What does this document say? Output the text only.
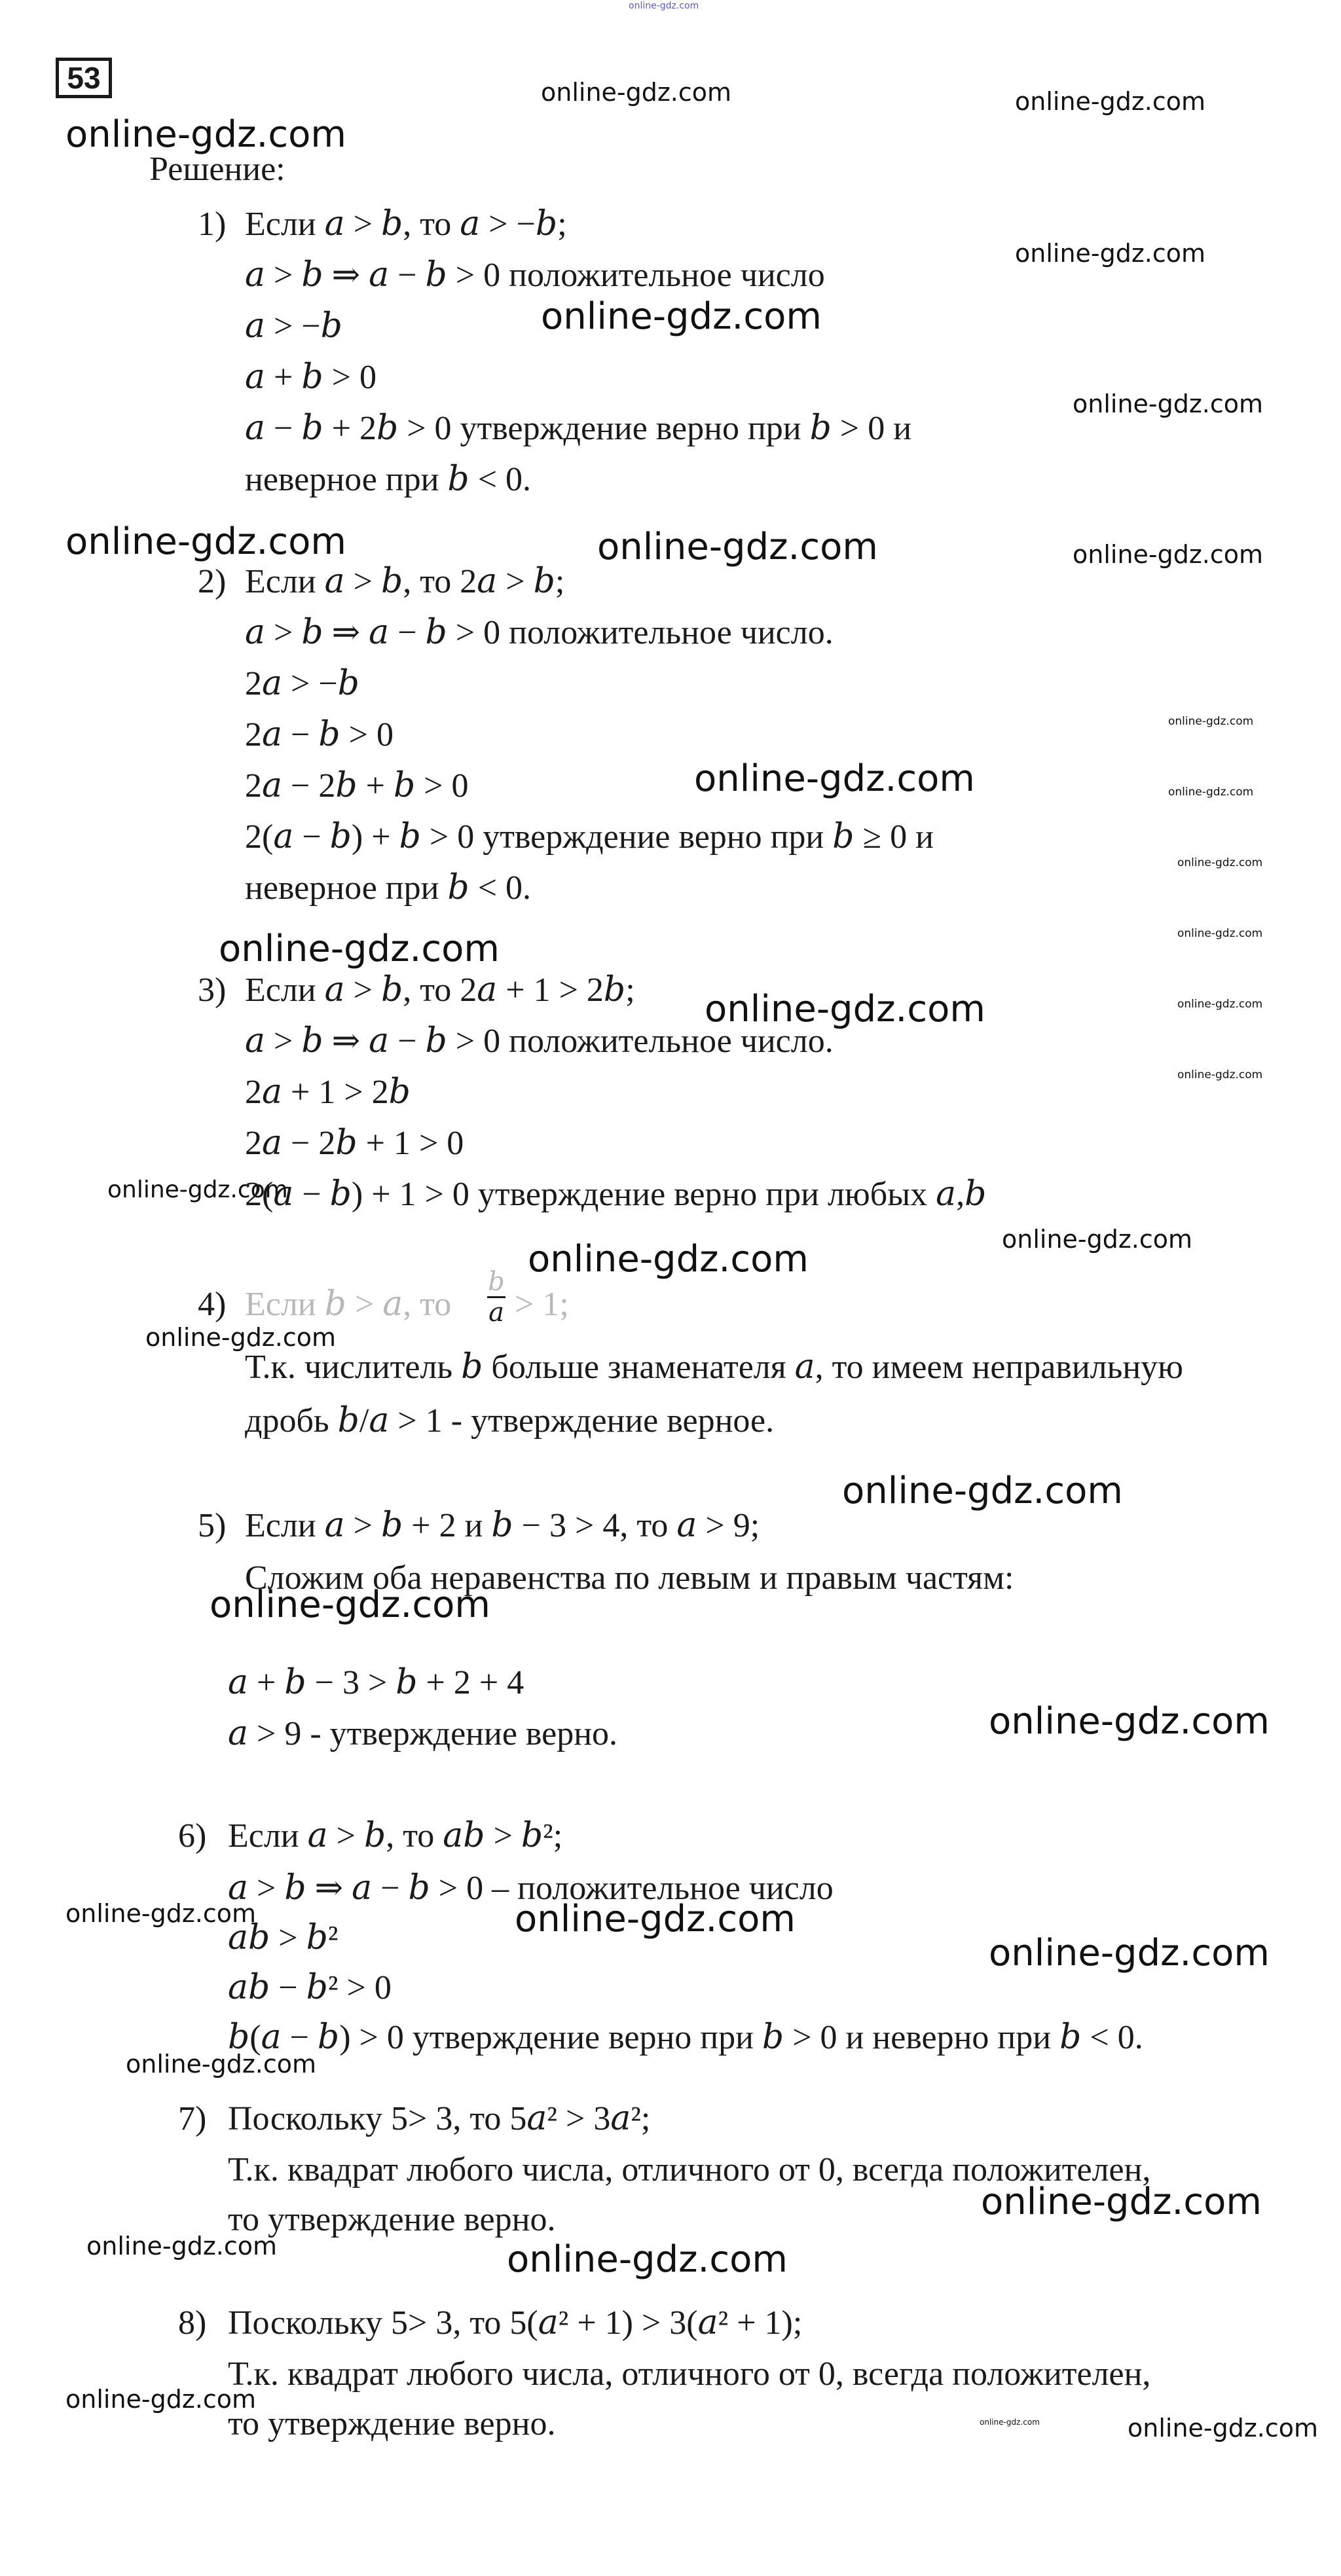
online-gdz.com
online-gdz.com	online-gdz.com
online-gdz.com
online-gdz.com
online-gdz.com
online-gdz.com
online-gdz.com	online-gdz.com	online-gdz.com
online-gdz.com
online-gdz.com	online-gdz.com
online-gdz.com
online-gdz.com
online-gdz.com
online-gdz.com	online-gdz.com
online-gdz.com
online-gdz.com
online-gdz.com
online-gdz.com
online-gdz.com
online-gdz.com
online-gdz.com
online-gdz.com
online-gdz.com	online-gdz.com
online-gdz.com
online-gdz.com
online-gdz.com
online-gdz.com	online-gdz.com
online-gdz.com
online-gdz.com	online-gdz.com
53
Решение:
1) Если 𝑎 > 𝑏, то 𝑎 > −𝑏;
𝑎 > 𝑏 ⇒ 𝑎 − 𝑏 > 0 положительное число
𝑎 > −𝑏
𝑎 + 𝑏 > 0
𝑎 − 𝑏 + 2𝑏 > 0 утверждение верно при 𝑏 > 0 и
неверное при 𝑏 < 0.
2) Если 𝑎 > 𝑏, то 2𝑎 > 𝑏;
𝑎 > 𝑏 ⇒ 𝑎 − 𝑏 > 0 положительное число.
2𝑎 > −𝑏
2𝑎 − 𝑏 > 0
2𝑎 − 2𝑏 + 𝑏 > 0
2(𝑎 − 𝑏) + 𝑏 > 0 утверждение верно при 𝑏 ≥ 0 и
неверное при 𝑏 < 0.
3) Если 𝑎 > 𝑏, то 2𝑎 + 1 > 2𝑏;
𝑎 > 𝑏 ⇒ 𝑎 − 𝑏 > 0 положительное число.
2𝑎 + 1 > 2𝑏
2𝑎 − 2𝑏 + 1 > 0
2(𝑎 − 𝑏) + 1 > 0 утверждение верно при любых 𝑎,𝑏
4) Если 𝑏 > 𝑎, то
𝑏
𝑎 > 1;
Т.к. числитель 𝑏 больше знаменателя 𝑎, то имеем неправильную
дробь 𝑏/𝑎 > 1 - утверждение верное.
5) Если 𝑎 > 𝑏 + 2 и 𝑏 − 3 > 4, то 𝑎 > 9;
Сложим оба неравенства по левым и правым частям:
𝑎 + 𝑏 − 3 > 𝑏 + 2 + 4
𝑎 > 9 - утверждение верно.
6) Если 𝑎 > 𝑏, то 𝑎𝑏 > 𝑏²;
𝑎 > 𝑏 ⇒ 𝑎 − 𝑏 > 0 – положительное число
𝑎𝑏 > 𝑏²
𝑎𝑏 − 𝑏² > 0
𝑏(𝑎 − 𝑏) > 0 утверждение верно при 𝑏 > 0 и неверно при 𝑏 < 0.
7) Поскольку 5> 3, то 5𝑎² > 3𝑎²;
Т.к. квадрат любого числа, отличного от 0, всегда положителен,
то утверждение верно.
8) Поскольку 5> 3, то 5(𝑎² + 1) > 3(𝑎² + 1);
Т.к. квадрат любого числа, отличного от 0, всегда положителен,
то утверждение верно.
